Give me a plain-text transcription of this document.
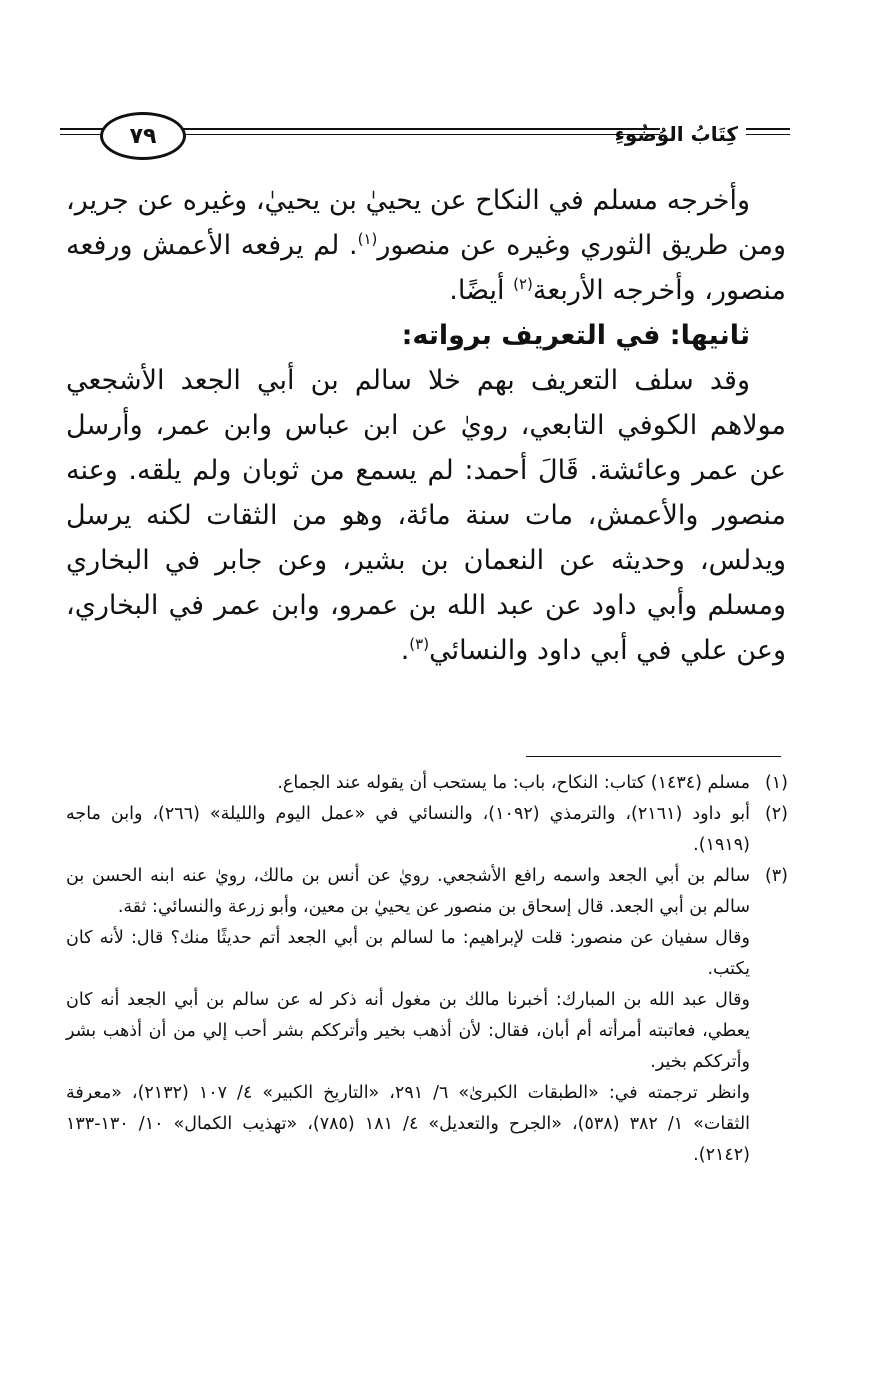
٧٩	كِتَابُ الوُضُوءِ

وأخرجه مسلم في النكاح عن يحييٰ بن يحييٰ، وغيره عن جرير، ومن طريق الثوري وغيره عن منصور$^{(١)}$. لم يرفعه الأعمش ورفعه منصور، وأخرجه الأربعة$^{(٢)}$ أيضًا.

ثانيها: في التعريف برواته:

وقد سلف التعريف بهم خلا سالم بن أبي الجعد الأشجعي مولاهم الكوفي التابعي، رويٰ عن ابن عباس وابن عمر، وأرسل عن عمر وعائشة. قَالَ أحمد: لم يسمع من ثوبان ولم يلقه. وعنه منصور والأعمش، مات سنة مائة، وهو من الثقات لكنه يرسل ويدلس، وحديثه عن النعمان بن بشير، وعن جابر في البخاري ومسلم وأبي داود عن عبد الله بن عمرو، وابن عمر في البخاري، وعن علي في أبي داود والنسائي$^{(٣)}$.

(١)
مسلم (١٤٣٤) كتاب: النكاح، باب: ما يستحب أن يقوله عند الجماع.
(٢)
أبو داود (٢١٦١)، والترمذي (١٠٩٢)، والنسائي في «عمل اليوم والليلة» (٢٦٦)، وابن ماجه (١٩١٩).
(٣)
سالم بن أبي الجعد واسمه رافع الأشجعي. رويٰ عن أنس بن مالك، رويٰ عنه ابنه الحسن بن سالم بن أبي الجعد. قال إسحاق بن منصور عن يحييٰ بن معين، وأبو زرعة والنسائي: ثقة.

وقال سفيان عن منصور: قلت لإبراهيم: ما لسالم بن أبي الجعد أتم حديثًا منك؟ قال: لأنه كان يكتب.

وقال عبد الله بن المبارك: أخبرنا مالك بن مغول أنه ذكر له عن سالم بن أبي الجعد أنه كان يعطي، فعاتبته أمرأته أم أبان، فقال: لأن أذهب بخير وأترككم بشر أحب إلي من أن أذهب بشر وأترككم بخير.

وانظر ترجمته في: «الطبقات الكبرىٰ» ٦/ ٢٩١، «التاريخ الكبير» ٤/ ١٠٧ (٢١٣٢)، «معرفة الثقات» ١/ ٣٨٢ (٥٣٨)، «الجرح والتعديل» ٤/ ١٨١ (٧٨٥)، «تهذيب الكمال» ١٠/ ١٣٠-١٣٣ (٢١٤٢).
